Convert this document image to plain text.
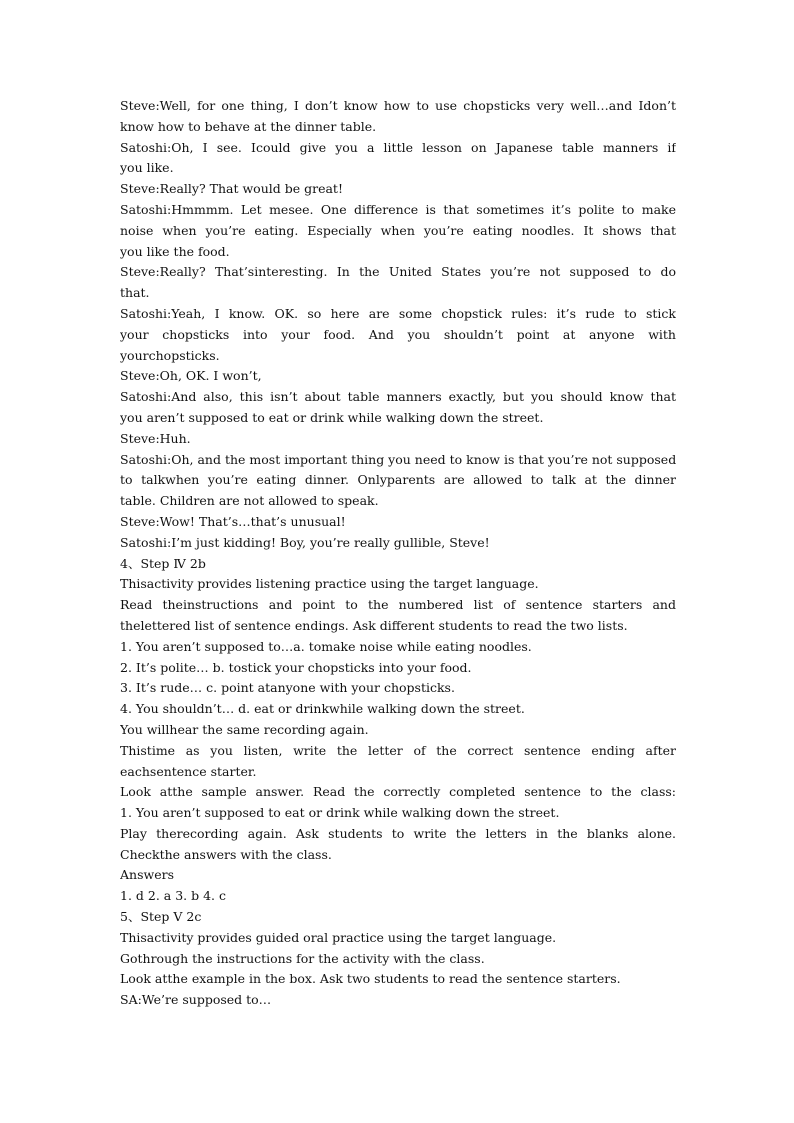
Steve:Well, for one thing, I don’t know how to use chopsticks very well…and Idon’t
know how to behave at the dinner table.
Satoshi:Oh, I see. Icould give you a little lesson on Japanese table manners if
you like.
Steve:Really? That would be great!
Satoshi:Hmmmm. Let mesee. One difference is that sometimes it’s polite to make
noise when you’re eating. Especially when you’re eating noodles. It shows that
you like the food.
Steve:Really? That’sinteresting. In the United States you’re not supposed to do
that.
Satoshi:Yeah, I know. OK. so here are some chopstick rules: it’s rude to stick
your chopsticks into your food. And you shouldn’t point at anyone with
yourchopsticks.
Steve:Oh, OK. I won’t,
Satoshi:And also, this isn’t about table manners exactly, but you should know that
you aren’t supposed to eat or drink while walking down the street.
Steve:Huh.
Satoshi:Oh, and the most important thing you need to know is that you’re not supposed
to talkwhen you’re eating dinner. Onlyparents are allowed to talk at the dinner
table. Children are not allowed to speak.
Steve:Wow! That’s…that’s unusual!
Satoshi:I’m just kidding! Boy, you’re really gullible, Steve!
4、Step Ⅳ 2b
Thisactivity provides listening practice using the target language.
Read theinstructions and point to the numbered list of sentence starters and
thelettered list of sentence endings. Ask different students to read the two lists.
1. You aren’t supposed to…a. tomake noise while eating noodles.
2. It’s polite… b. tostick your chopsticks into your food.
3. It’s rude… c. point atanyone with your chopsticks.
4. You shouldn’t… d. eat or drinkwhile walking down the street.
You willhear the same recording again.
Thistime as you listen, write the letter of the correct sentence ending after
eachsentence starter.
Look atthe sample answer. Read the correctly completed sentence to the class:
1. You aren’t supposed to eat or drink while walking down the street.
Play therecording again. Ask students to write the letters in the blanks alone.
Checkthe answers with the class.
Answers
1. d 2. a 3. b 4. c
5、Step Ⅴ 2c
Thisactivity provides guided oral practice using the target language.
Gothrough the instructions for the activity with the class.
Look atthe example in the box. Ask two students to read the sentence starters.
SA:We’re supposed to…
